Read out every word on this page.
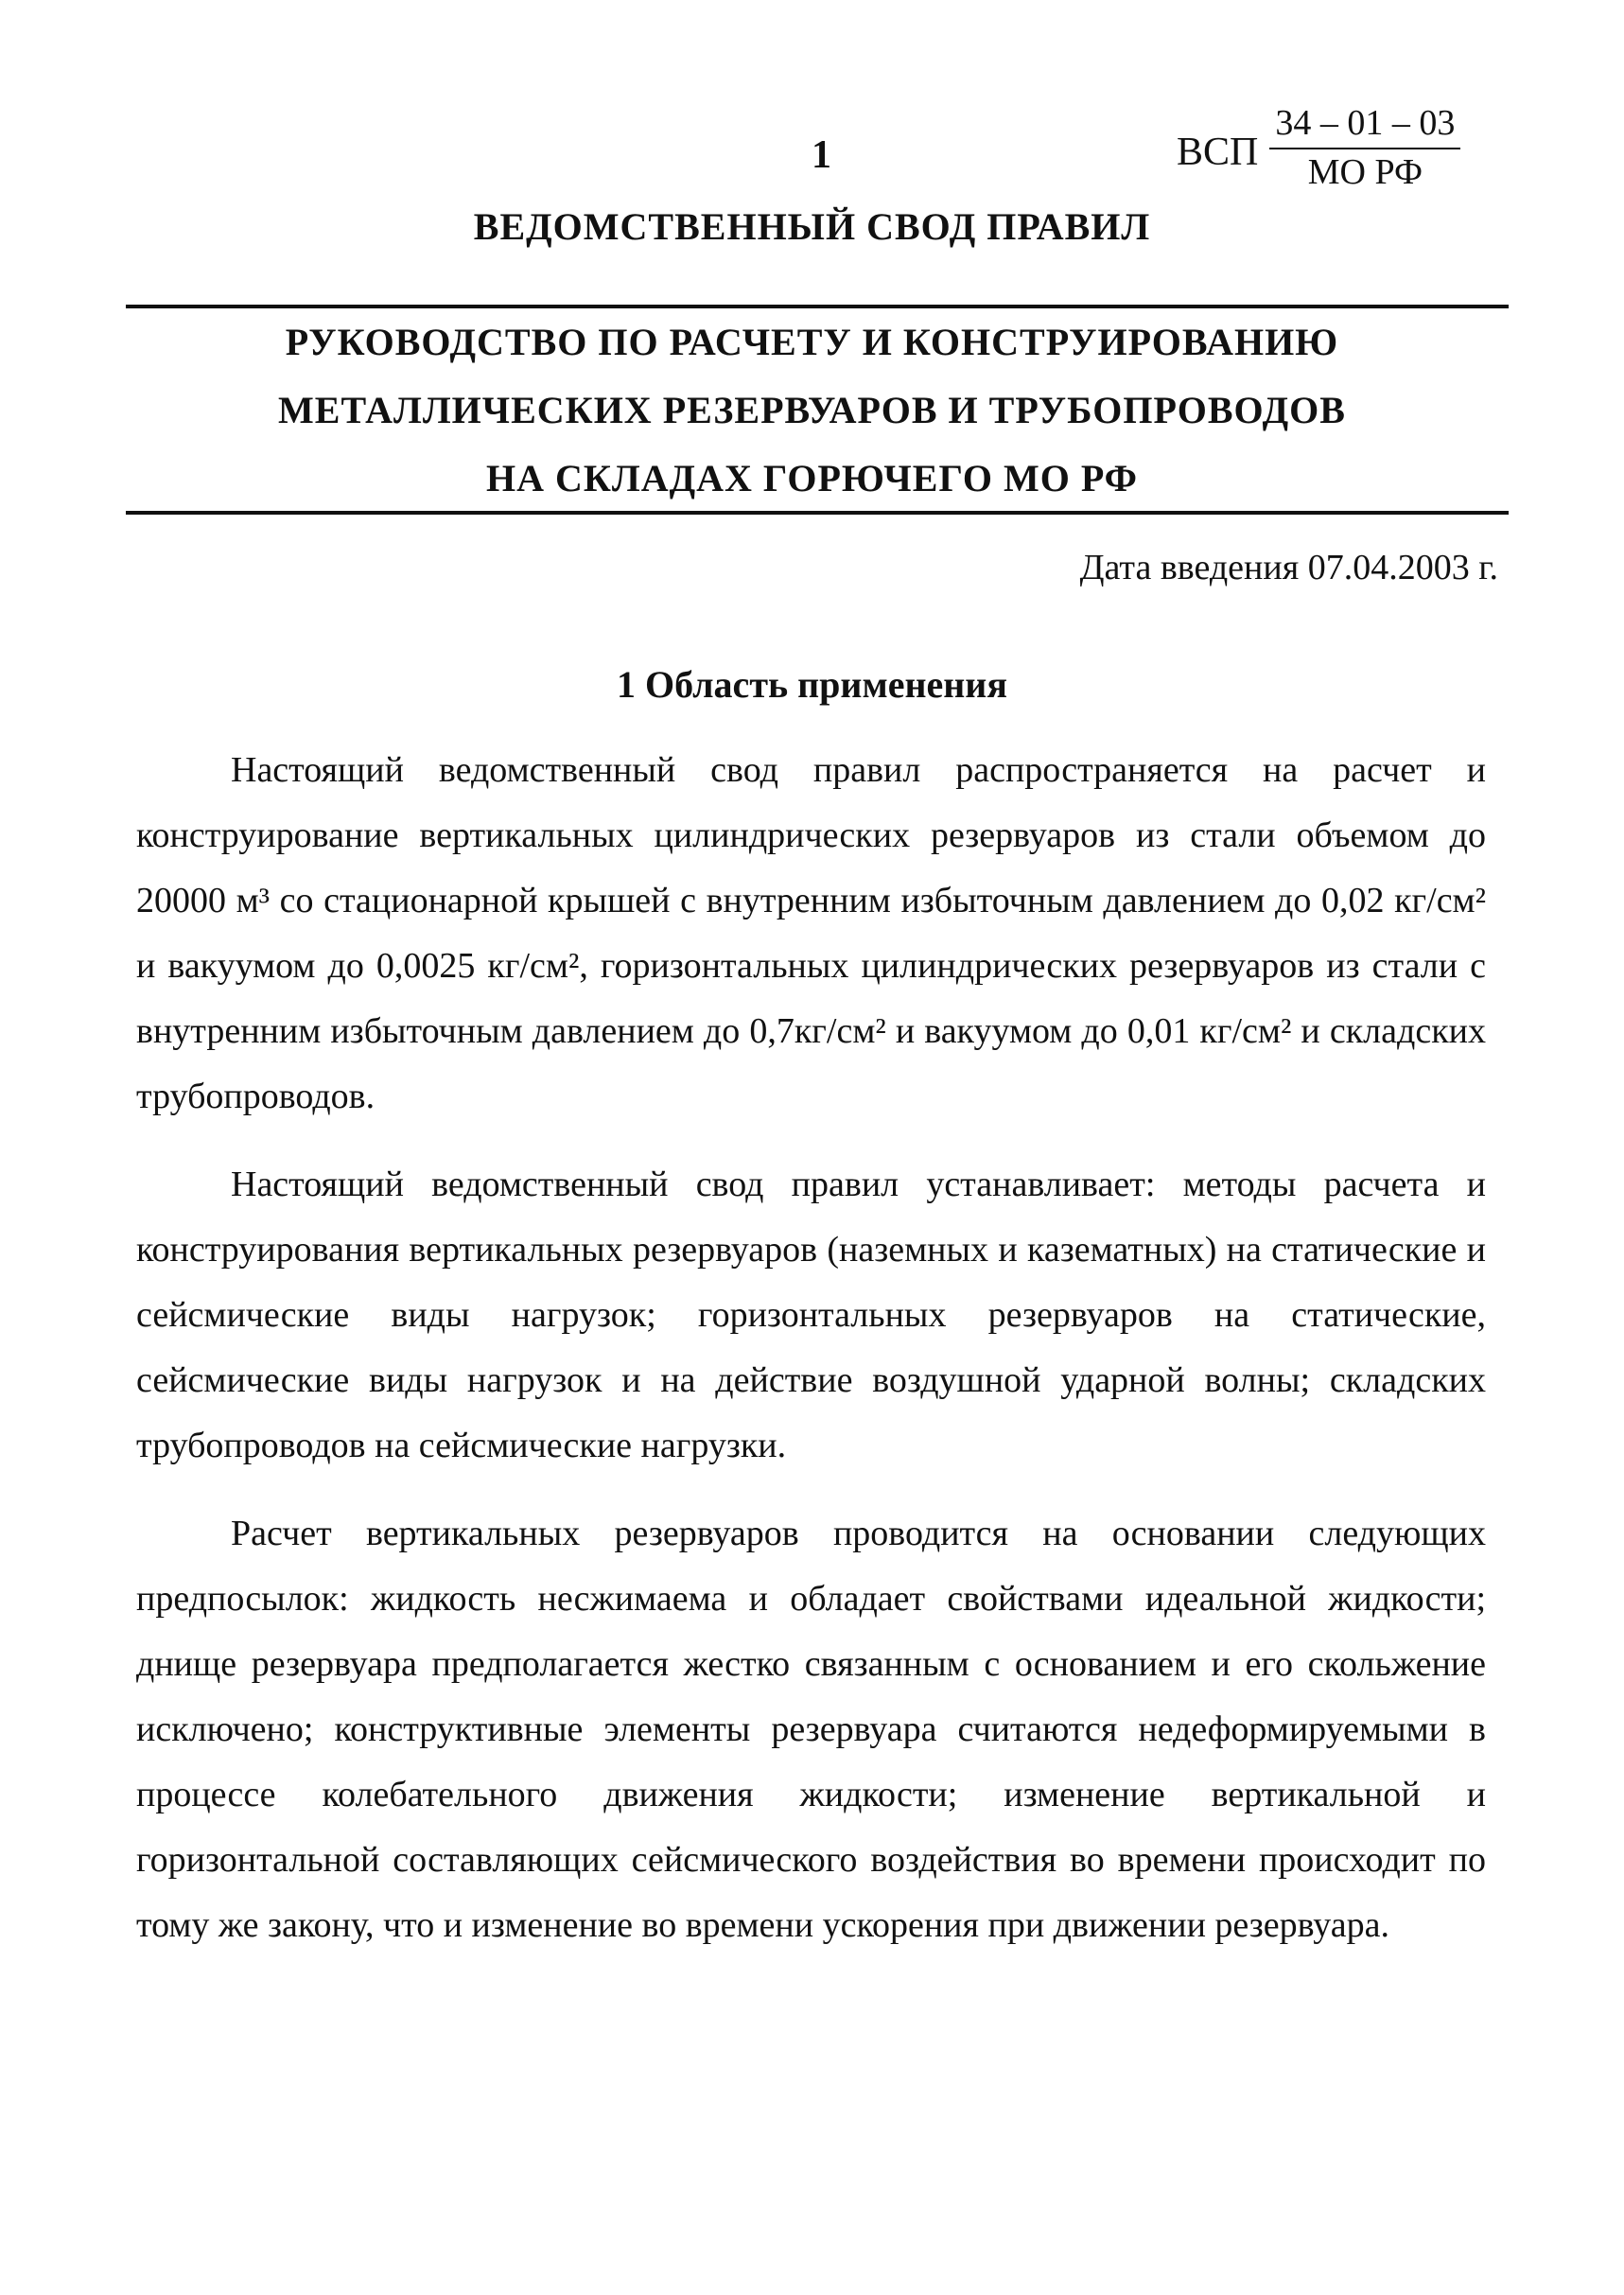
1	ВСП $\frac{34 - 01 - 03}{\text{МО РФ}}$
ВЕДОМСТВЕННЫЙ СВОД ПРАВИЛ
РУКОВОДСТВО ПО РАСЧЕТУ И КОНСТРУИРОВАНИЮ
МЕТАЛЛИЧЕСКИХ РЕЗЕРВУАРОВ И ТРУБОПРОВОДОВ
НА СКЛАДАХ ГОРЮЧЕГО МО РФ
Дата введения 07.04.2003 г.
1 Область применения

Настоящий ведомственный свод правил распространяется на расчет и конструирование вертикальных цилиндрических резервуаров из стали объемом до 20000 м³ со стационарной крышей с внутренним избыточным давлением до 0,02 кг/см² и вакуумом до 0,0025 кг/см², горизонтальных цилиндрических резервуаров из стали с внутренним избыточным давлением до 0,7кг/см² и вакуумом до 0,01 кг/см² и складских трубопроводов.

Настоящий ведомственный свод правил устанавливает: методы расчета и конструирования вертикальных резервуаров (наземных и казематных) на статические и сейсмические виды нагрузок; горизонтальных резервуаров на статические, сейсмические виды нагрузок и на действие воздушной ударной волны; складских трубопроводов на сейсмические нагрузки.

Расчет вертикальных резервуаров проводится на основании следующих предпосылок: жидкость несжимаема и обладает свойствами идеальной жидкости; днище резервуара предполагается жестко связанным с основанием и его скольжение исключено; конструктивные элементы резервуара считаются недеформируемыми в процессе колебательного движения жидкости; изменение вертикальной и горизонтальной составляющих сейсмического воздействия во времени происходит по тому же закону, что и изменение во времени ускорения при движении резервуара.
